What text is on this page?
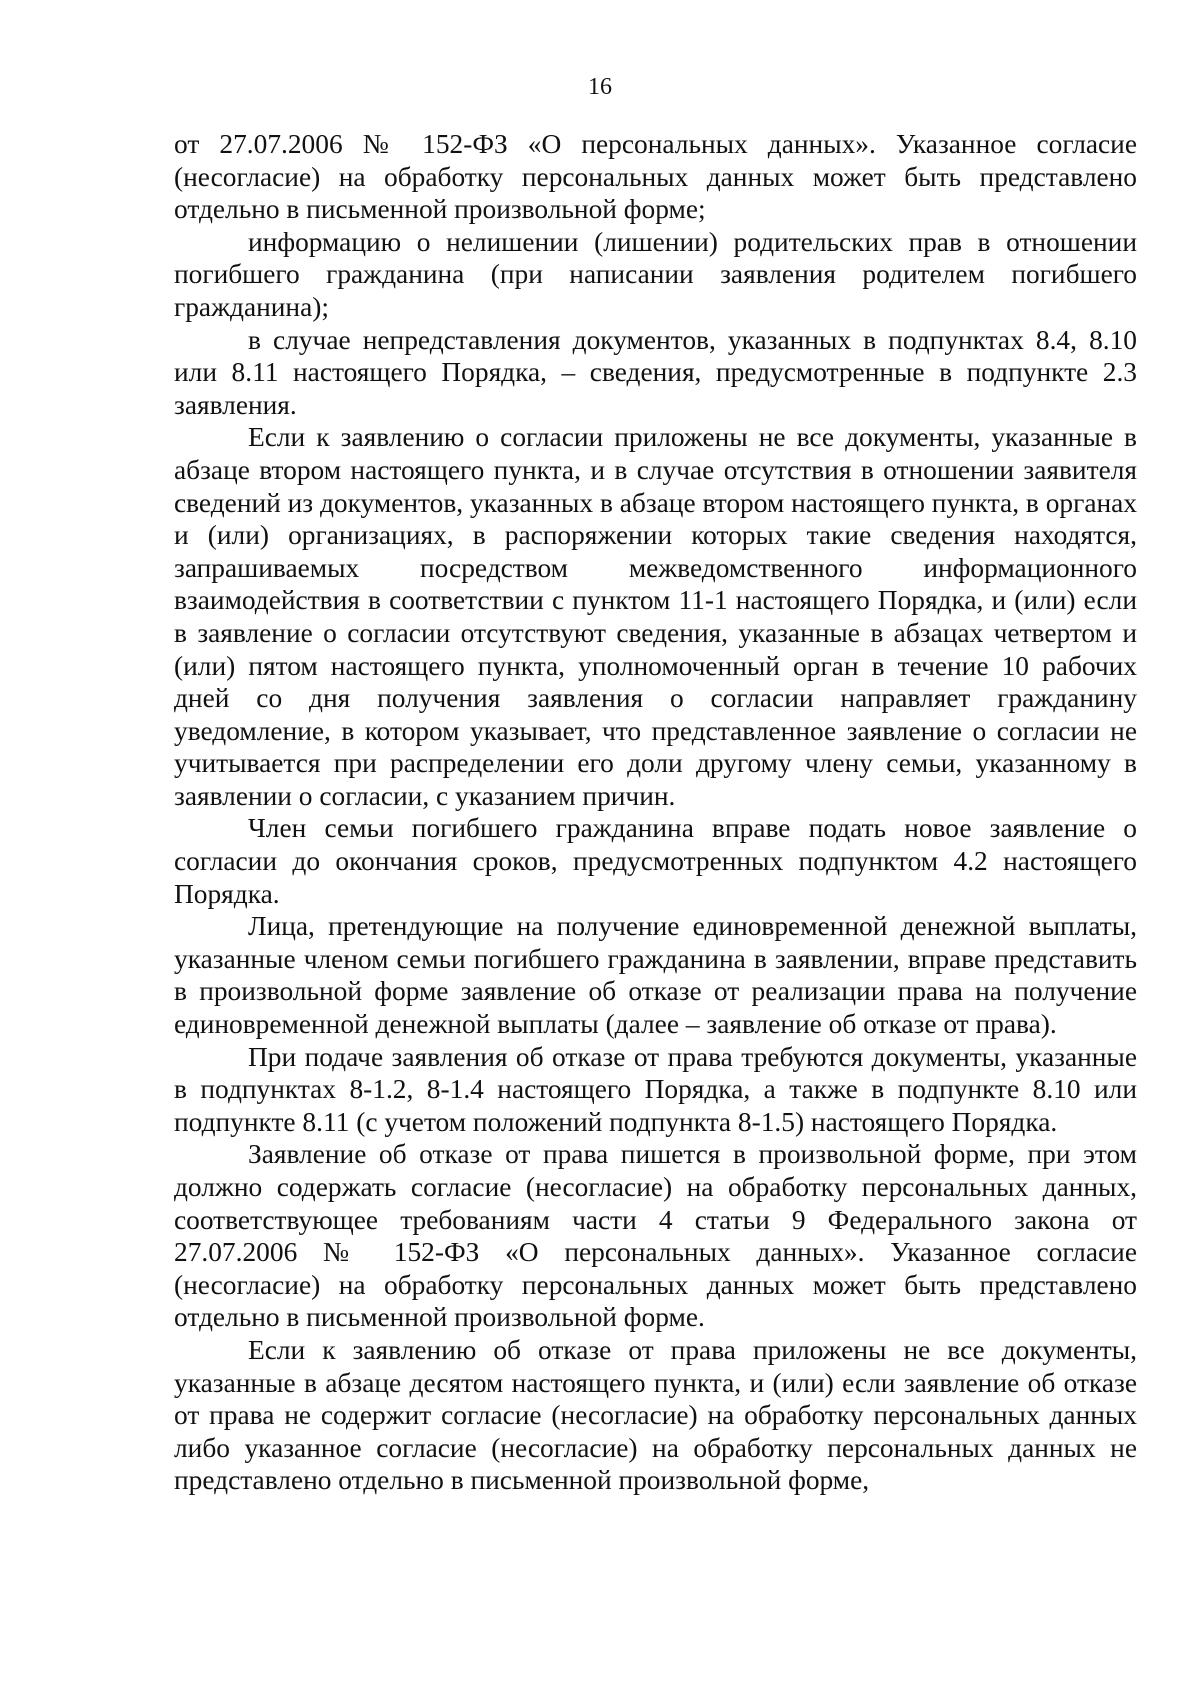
16

от 27.07.2006 № 152-ФЗ «О персональных данных». Указанное согласие (несогласие) на обработку персональных данных может быть представлено отдельно в письменной произвольной форме;

информацию о нелишении (лишении) родительских прав в отношении погибшего гражданина (при написании заявления родителем погибшего гражданина);

в случае непредставления документов, указанных в подпунктах 8.4, 8.10 или 8.11 настоящего Порядка, – сведения, предусмотренные в подпункте 2.3 заявления.

Если к заявлению о согласии приложены не все документы, указанные в абзаце втором настоящего пункта, и в случае отсутствия в отношении заявителя сведений из документов, указанных в абзаце втором настоящего пункта, в органах и (или) организациях, в распоряжении которых такие сведения находятся, запрашиваемых посредством межведомственного информационного взаимодействия в соответствии с пунктом 11-1 настоящего Порядка, и (или) если в заявление о согласии отсутствуют сведения, указанные в абзацах четвертом и (или) пятом настоящего пункта, уполномоченный орган в течение 10 рабочих дней со дня получения заявления о согласии направляет гражданину уведомление, в котором указывает, что представленное заявление о согласии не учитывается при распределении его доли другому члену семьи, указанному в заявлении о согласии, с указанием причин.

Член семьи погибшего гражданина вправе подать новое заявление о согласии до окончания сроков, предусмотренных подпунктом 4.2 настоящего Порядка.

Лица, претендующие на получение единовременной денежной выплаты, указанные членом семьи погибшего гражданина в заявлении, вправе представить в произвольной форме заявление об отказе от реализации права на получение единовременной денежной выплаты (далее – заявление об отказе от права).

При подаче заявления об отказе от права требуются документы, указанные в подпунктах 8-1.2, 8-1.4 настоящего Порядка, а также в подпункте 8.10 или подпункте 8.11 (с учетом положений подпункта 8-1.5) настоящего Порядка.

Заявление об отказе от права пишется в произвольной форме, при этом должно содержать согласие (несогласие) на обработку персональных данных, соответствующее требованиям части 4 статьи 9 Федерального закона от 27.07.2006 № 152-ФЗ «О персональных данных». Указанное согласие (несогласие) на обработку персональных данных может быть представлено отдельно в письменной произвольной форме.

Если к заявлению об отказе от права приложены не все документы, указанные в абзаце десятом настоящего пункта, и (или) если заявление об отказе от права не содержит согласие (несогласие) на обработку персональных данных либо указанное согласие (несогласие) на обработку персональных данных не представлено отдельно в письменной произвольной форме,
